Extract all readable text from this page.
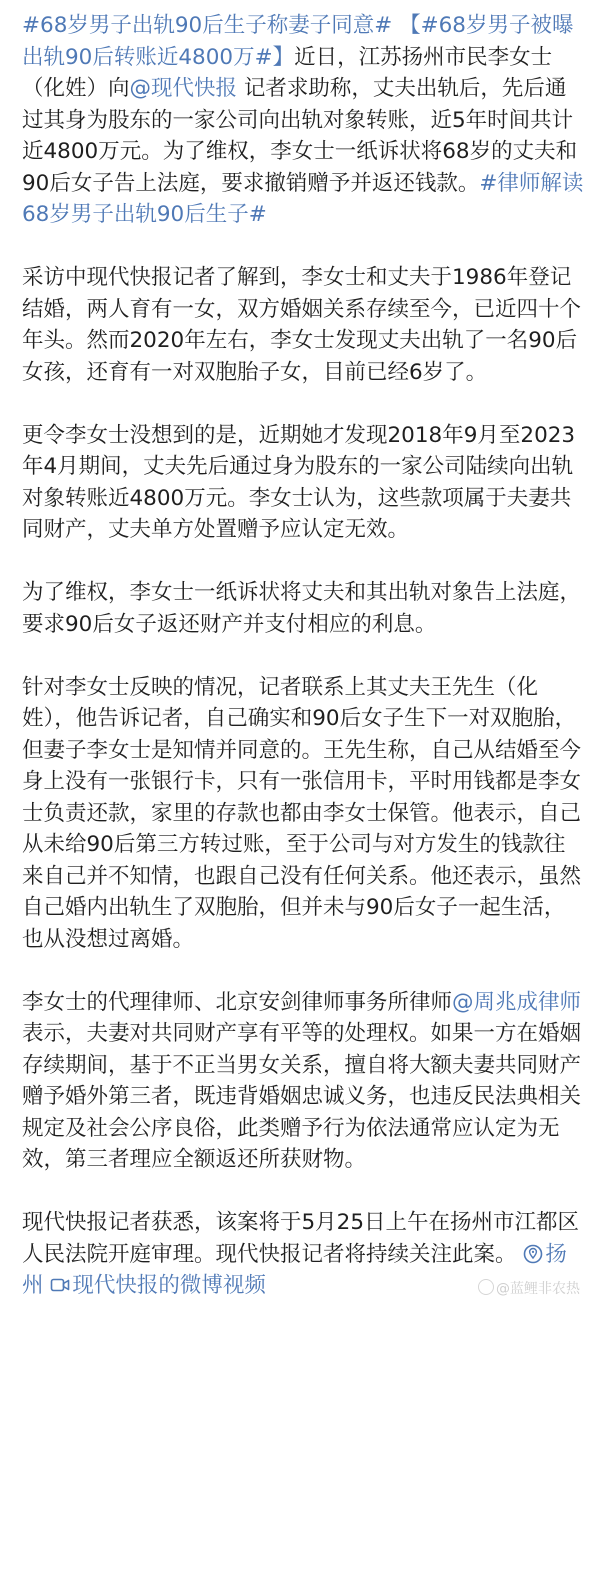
#68岁男子出轨90后生子称妻子同意# 【#68岁男子被曝出轨90后转账近4800万#】近日，江苏扬州市民李女士（化姓）向@现代快报 记者求助称，丈夫出轨后，先后通过其身为股东的一家公司向出轨对象转账，近5年时间共计近4800万元。为了维权，李女士一纸诉状将68岁的丈夫和90后女子告上法庭，要求撤销赠予并返还钱款。#律师解读68岁男子出轨90后生子#

采访中现代快报记者了解到，李女士和丈夫于1986年登记结婚，两人育有一女，双方婚姻关系存续至今，已近四十个年头。然而2020年左右，李女士发现丈夫出轨了一名90后女孩，还育有一对双胞胎子女，目前已经6岁了。

更令李女士没想到的是，近期她才发现2018年9月至2023年4月期间，丈夫先后通过身为股东的一家公司陆续向出轨对象转账近4800万元。李女士认为，这些款项属于夫妻共同财产，丈夫单方处置赠予应认定无效。

为了维权，李女士一纸诉状将丈夫和其出轨对象告上法庭，要求90后女子返还财产并支付相应的利息。

针对李女士反映的情况，记者联系上其丈夫王先生（化姓），他告诉记者，自己确实和90后女子生下一对双胞胎，但妻子李女士是知情并同意的。王先生称，自己从结婚至今身上没有一张银行卡，只有一张信用卡，平时用钱都是李女士负责还款，家里的存款也都由李女士保管。他表示，自己从未给90后第三方转过账，至于公司与对方发生的钱款往来自己并不知情，也跟自己没有任何关系。他还表示，虽然自己婚内出轨生了双胞胎，但并未与90后女子一起生活，也从没想过离婚。

李女士的代理律师、北京安剑律师事务所律师@周兆成律师 表示，夫妻对共同财产享有平等的处理权。如果一方在婚姻存续期间，基于不正当男女关系，擅自将大额夫妻共同财产赠予婚外第三者，既违背婚姻忠诚义务，也违反民法典相关规定及社会公序良俗，此类赠予行为依法通常应认定为无效，第三者理应全额返还所获财物。

现代快报记者获悉，该案将于5月25日上午在扬州市江都区人民法院开庭审理。现代快报记者将持续关注此案。 扬州 现代快报的微博视频	@蓝鲤非农热
